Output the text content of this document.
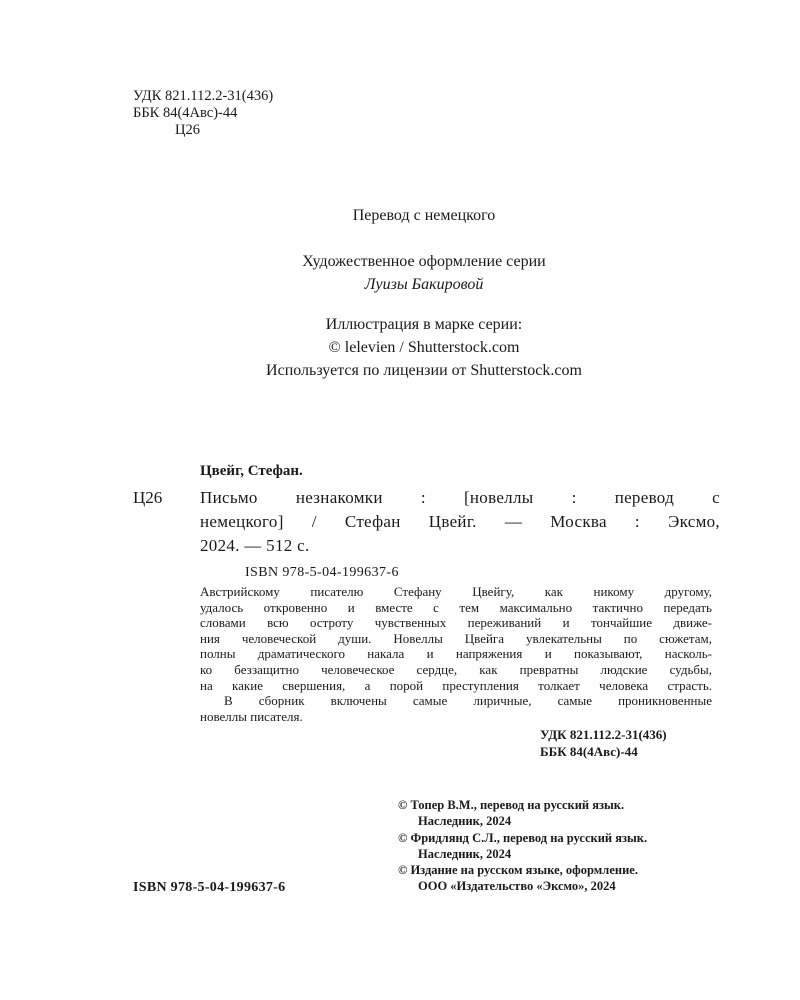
УДК 821.112.2-31(436)
ББК 84(4Авс)-44
Ц26
Перевод с немецкого
Художественное оформление серии
Луизы Бакировой
Иллюстрация в марке серии:
© lelevien / Shutterstock.com
Используется по лицензии от Shutterstock.com
Цвейг, Стефан.
Ц26 Письмо незнакомки : [новеллы : перевод с
немецкого] / Стефан Цвейг. — Москва : Эксмо,
2024. — 512 с.
ISBN 978-5-04-199637-6
Австрийскому писателю Стефану Цвейгу, как никому другому,
удалось откровенно и вместе с тем максимально тактично передать
словами всю остроту чувственных переживаний и тончайшие движе-
ния человеческой души. Новеллы Цвейга увлекательны по сюжетам,
полны драматического накала и напряжения и показывают, насколь-
ко беззащитно человеческое сердце, как превратны людские судьбы,
на какие свершения, а порой преступления толкает человека страсть.
В сборник включены самые лиричные, самые проникновенные
новеллы писателя.
УДК 821.112.2-31(436)
ББК 84(4Авс)-44
© Топер В.М., перевод на русский язык.
Наследник, 2024
© Фридлянд С.Л., перевод на русский язык.
Наследник, 2024
© Издание на русском языке, оформление.
ООО «Издательство «Эксмо», 2024
ISBN 978-5-04-199637-6
